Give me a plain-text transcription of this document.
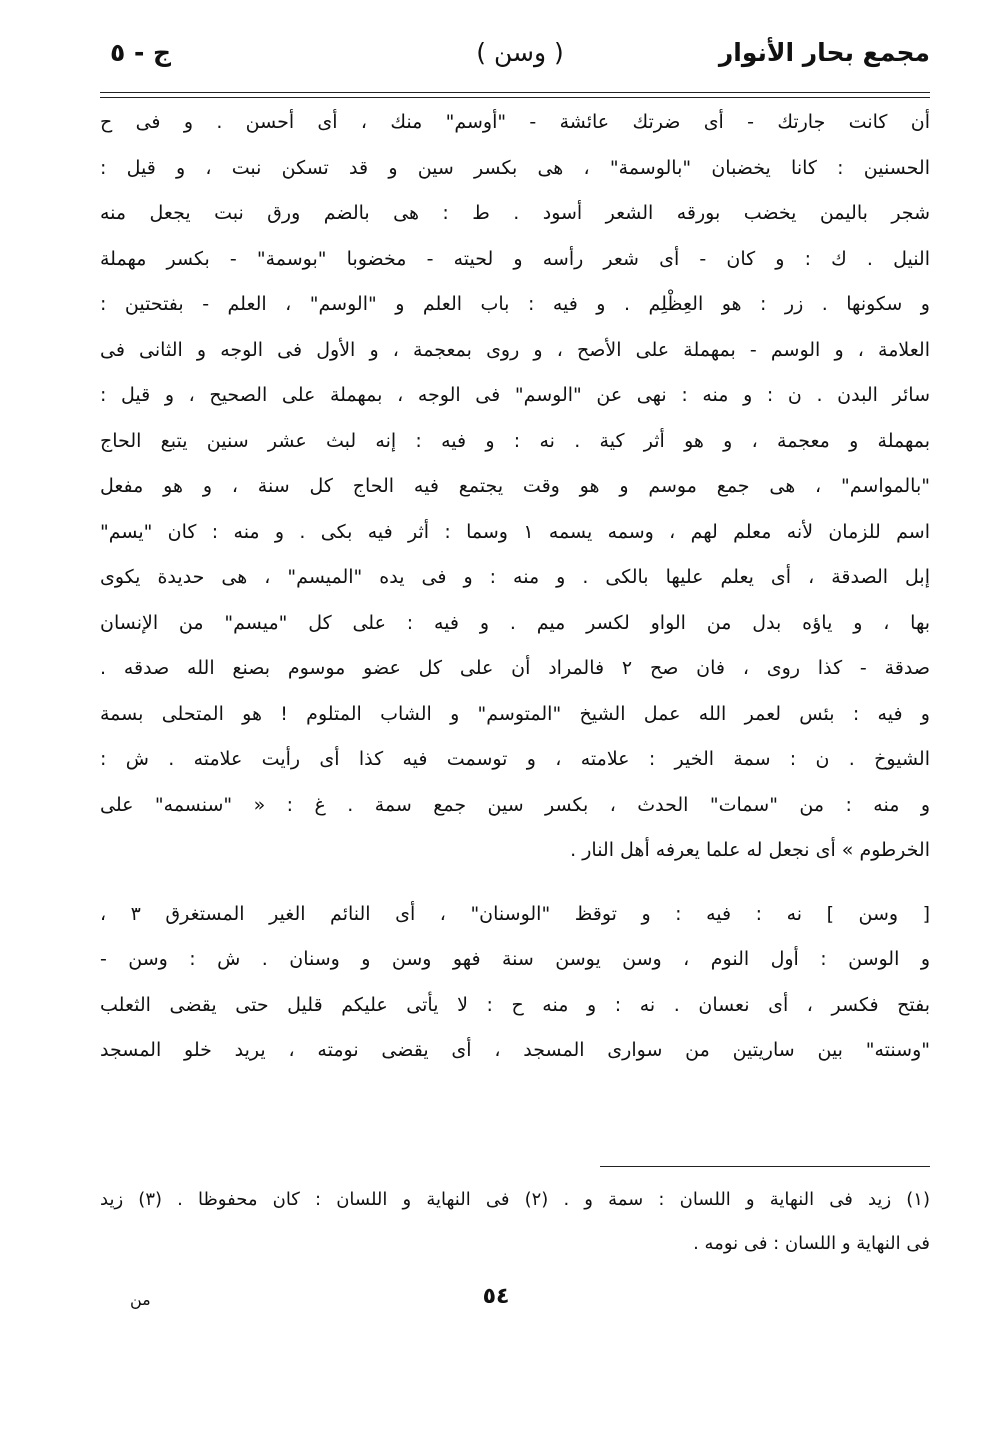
مجمع بحار الأنوار
( وسن )
ج - ٥
أن كانت جارتك - أى ضرتك عائشة - "أوسم" منك ، أى أحسن . و فى ح
الحسنين : كانا يخضبان "بالوسمة" ، هى بكسر سين و قد تسكن نبت ، و قيل :
شجر باليمن يخضب بورقه الشعر أسود . ط : هى بالضم ورق نبت يجعل منه
النيل . ك : و كان - أى شعر رأسه و لحيته - مخضوبا "بوسمة" - بكسر مهملة
و سكونها . زر : هو العِظْلِم . و فيه : باب العلم و "الوسم" ، العلم - بفتحتين :
العلامة ، و الوسم - بمهملة على الأصح ، و روى بمعجمة ، و الأول فى الوجه و الثانى فى
سائر البدن . ن : و منه : نهى عن "الوسم" فى الوجه ، بمهملة على الصحيح ، و قيل :
بمهملة و معجمة ، و هو أثر كية . نه : و فيه : إنه لبث عشر سنين يتبع الحاج
"بالمواسم" ، هى جمع موسم و هو وقت يجتمع فيه الحاج كل سنة ، و هو مفعل
اسم للزمان لأنه معلم لهم ، وسمه يسمه ١ وسما : أثر فيه بكى . و منه : كان "يسم"
إبل الصدقة ، أى يعلم عليها بالكى . و منه : و فى يده "الميسم" ، هى حديدة يكوى
بها ، و ياؤه بدل من الواو لكسر ميم . و فيه : على كل "ميسم" من الإنسان
صدقة - كذا روى ، فان صح ٢ فالمراد أن على كل عضو موسوم بصنع الله صدقه .
و فيه : بئس لعمر الله عمل الشيخ "المتوسم" و الشاب المتلوم ! هو المتحلى بسمة
الشيوخ . ن : سمة الخير : علامته ، و توسمت فيه كذا أى رأيت علامته . ش :
و منه : من "سمات" الحدث ، بكسر سين جمع سمة . غ : « "سنسمه" على
الخرطوم » أى نجعل له علما يعرفه أهل النار .
[ وسن ] نه : فيه : و توقظ "الوسنان" ، أى النائم الغير المستغرق ٣ ،
و الوسن : أول النوم ، وسن يوسن سنة فهو وسن و وسنان . ش : وسن -
بفتح فكسر ، أى نعسان . نه : و منه ح : لا يأتى عليكم قليل حتى يقضى الثعلب
"وسنته" بين ساريتين من سوارى المسجد ، أى يقضى نومته ، يريد خلو المسجد
(١) زيد فى النهاية و اللسان : سمة و . (٢) فى النهاية و اللسان : كان محفوظا . (٣) زيد
فى النهاية و اللسان : فى نومه .
٥٤
من
